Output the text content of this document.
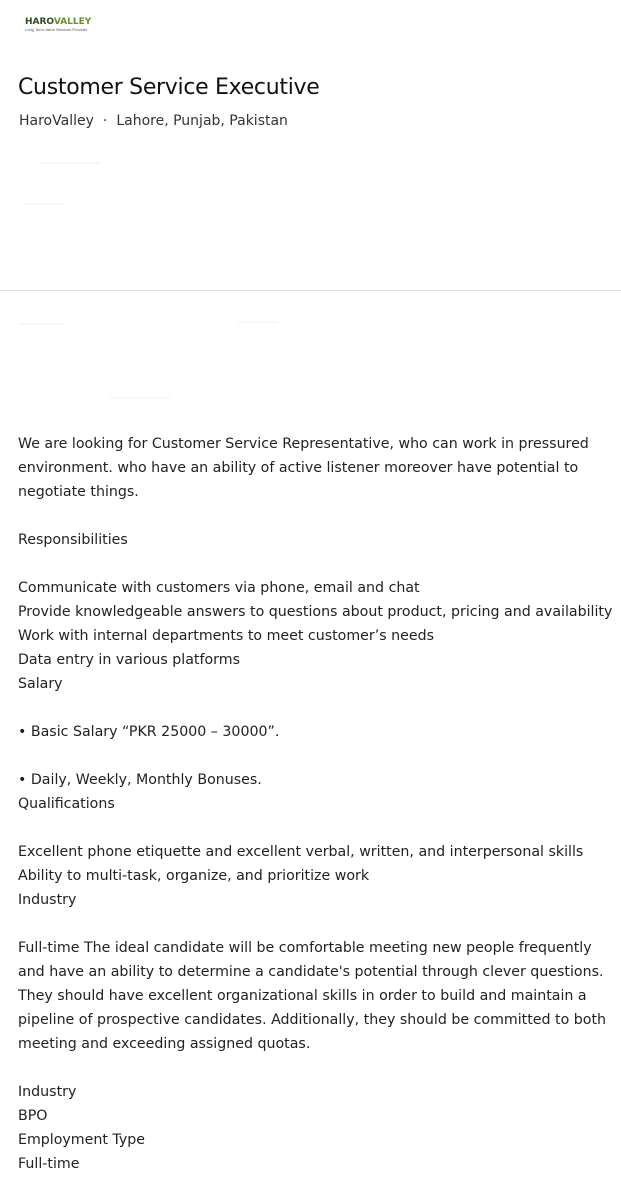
HAROVALLEY
Long Term Value Services Provider
Customer Service Executive
HaroValley · Lahore, Punjab, Pakistan

We are looking for Customer Service Representative, who can work in pressured environment. who have an ability of active listener moreover have potential to negotiate things.

Responsibilities

Communicate with customers via phone, email and chat

Provide knowledgeable answers to questions about product, pricing and availability

Work with internal departments to meet customer’s needs

Data entry in various platforms

Salary

• Basic Salary “PKR 25000 – 30000”.

• Daily, Weekly, Monthly Bonuses.

Qualifications

Excellent phone etiquette and excellent verbal, written, and interpersonal skills

Ability to multi-task, organize, and prioritize work

Industry

Full-time The ideal candidate will be comfortable meeting new people frequently and have an ability to determine a candidate's potential through clever questions. They should have excellent organizational skills in order to build and maintain a pipeline of prospective candidates. Additionally, they should be committed to both meeting and exceeding assigned quotas.

Industry

BPO

Employment Type

Full-time
